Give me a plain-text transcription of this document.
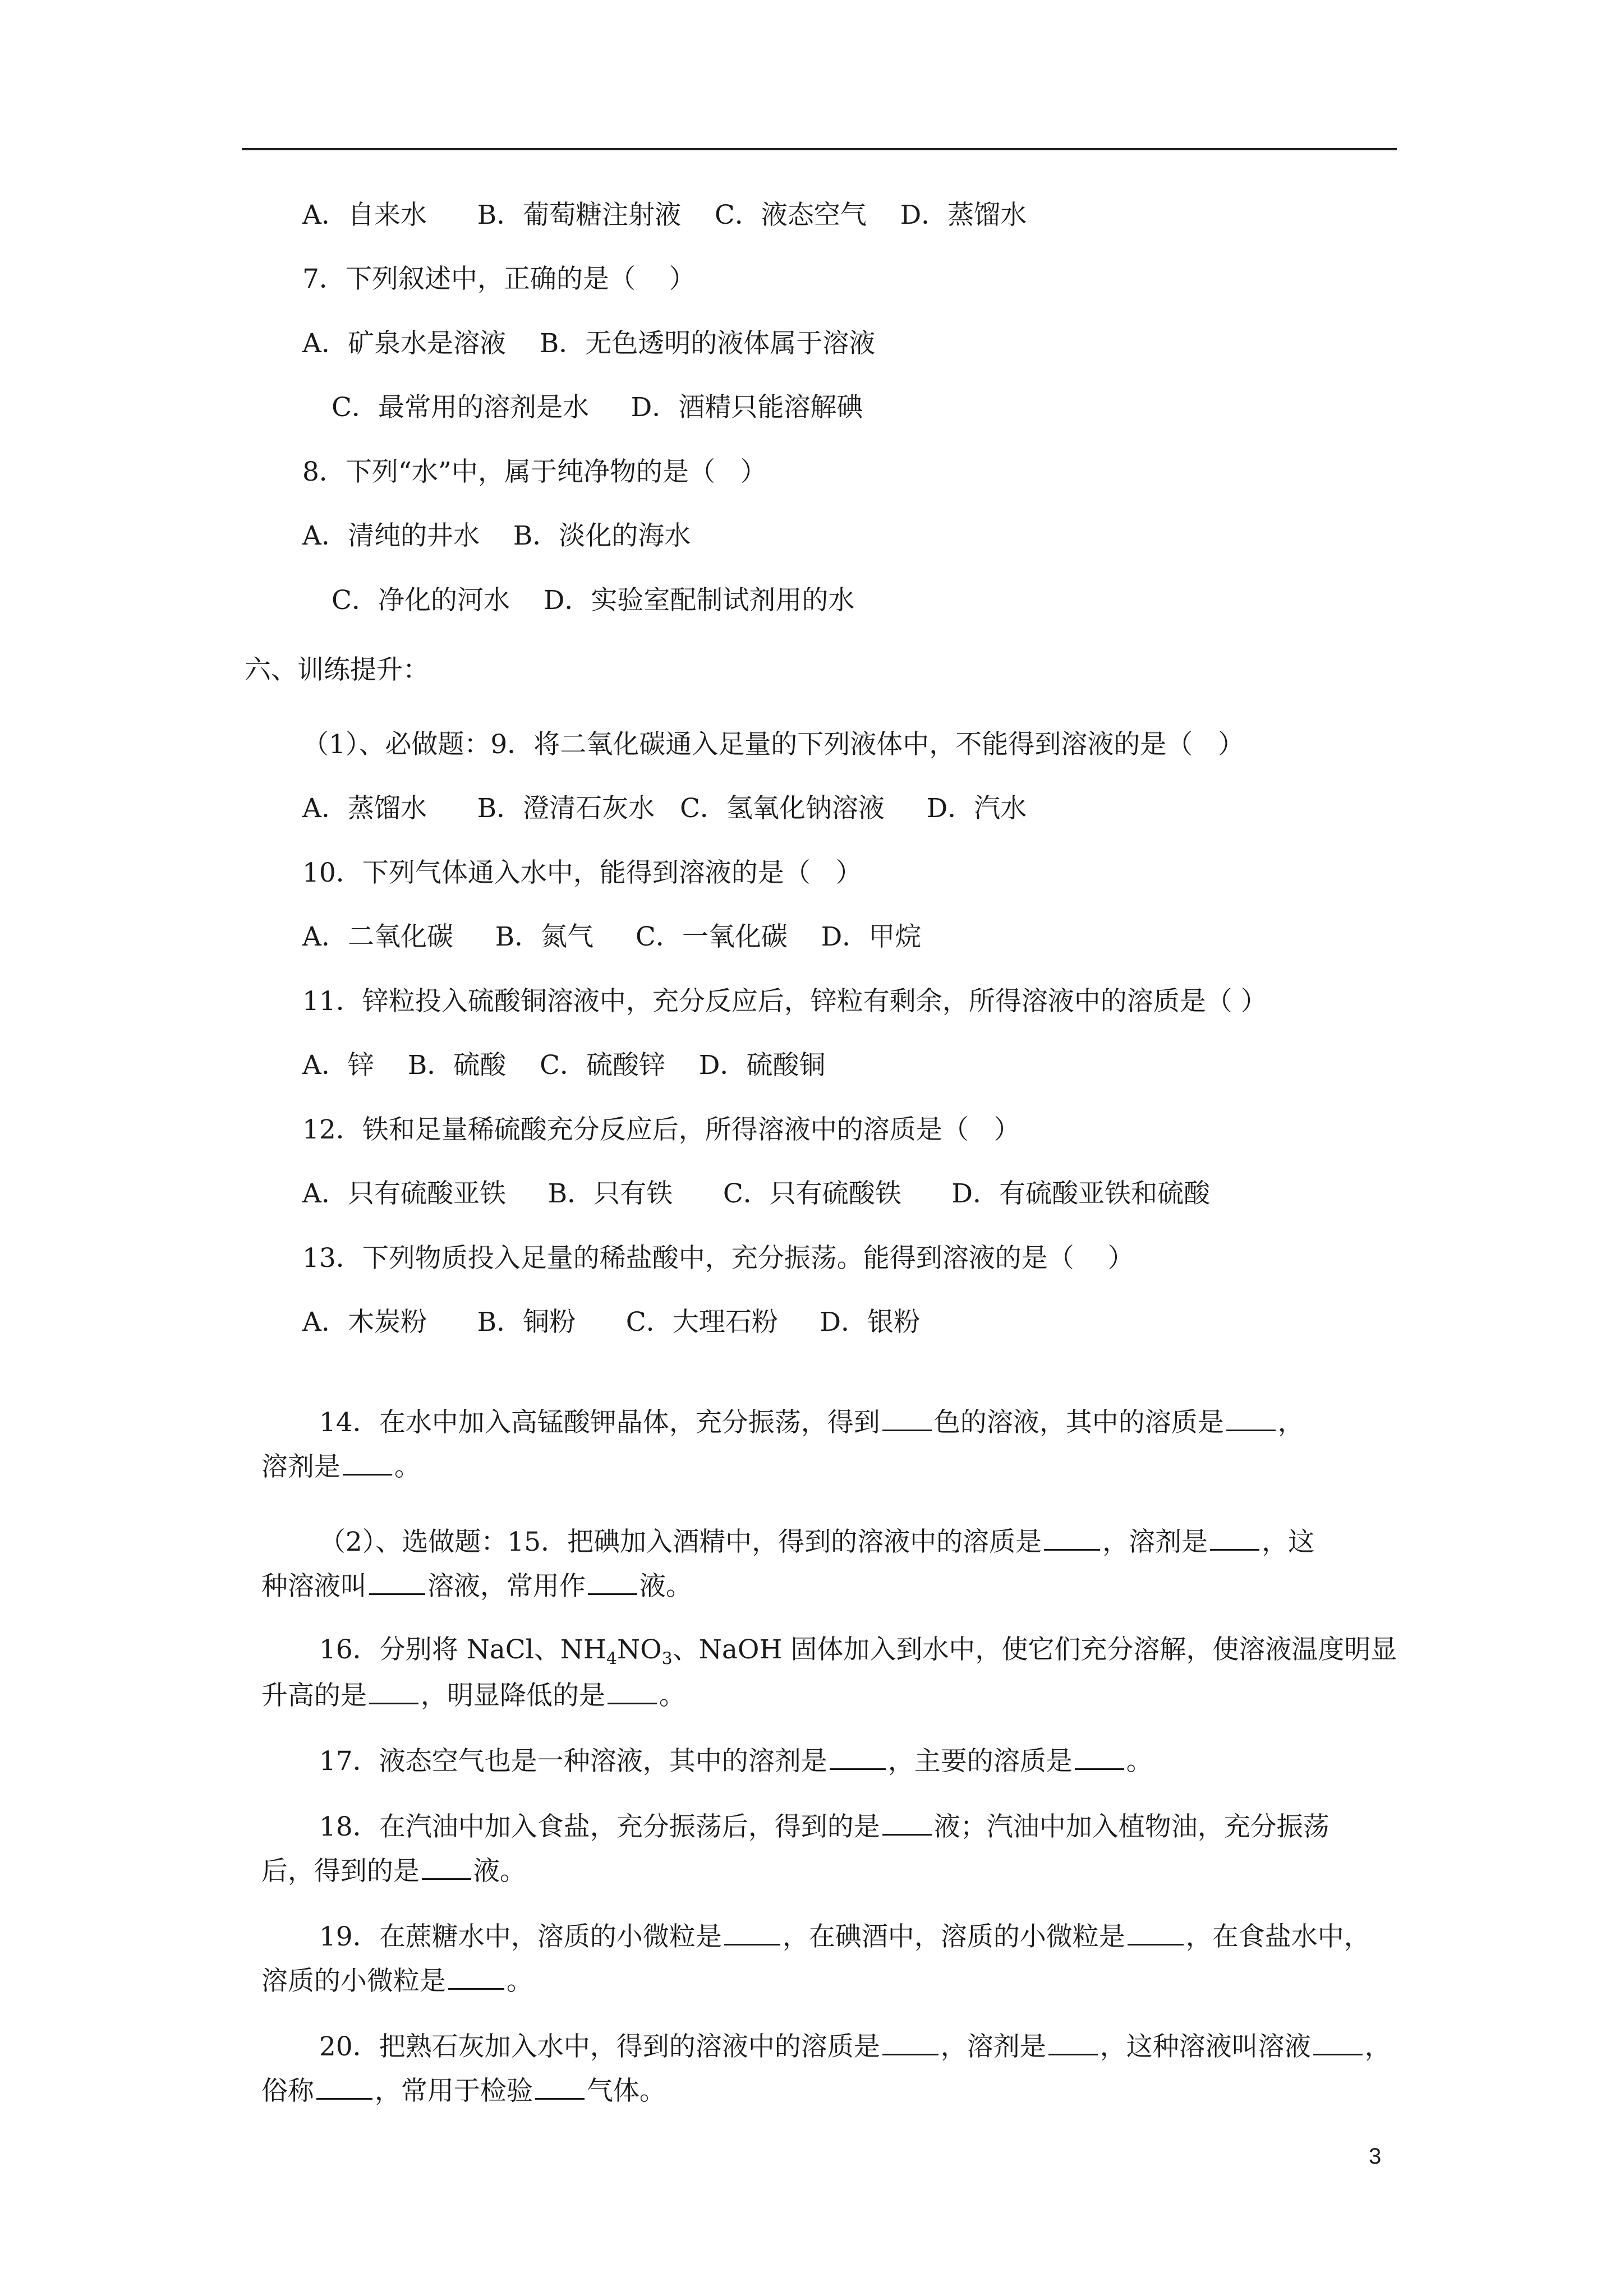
A．自来水      B．葡萄糖注射液    C．液态空气    D．蒸馏水
7．下列叙述中，正确的是（    ）
A．矿泉水是溶液    B．无色透明的液体属于溶液
C．最常用的溶剂是水     D．酒精只能溶解碘
8．下列“水”中，属于纯净物的是（   ）
A．清纯的井水    B．淡化的海水
C．净化的河水    D．实验室配制试剂用的水
六、训练提升：
（1）、必做题：9．将二氧化碳通入足量的下列液体中，不能得到溶液的是（   ）
A．蒸馏水      B．澄清石灰水   C．氢氧化钠溶液     D．汽水
10．下列气体通入水中，能得到溶液的是（   ）
A．二氧化碳     B．氮气     C．一氧化碳    D．甲烷
11．锌粒投入硫酸铜溶液中，充分反应后，锌粒有剩余，所得溶液中的溶质是（ ）
A．锌    B．硫酸    C．硫酸锌    D．硫酸铜
12．铁和足量稀硫酸充分反应后，所得溶液中的溶质是（   ）
A．只有硫酸亚铁     B．只有铁      C．只有硫酸铁      D．有硫酸亚铁和硫酸
13．下列物质投入足量的稀盐酸中，充分振荡。能得到溶液的是（    ）
A．木炭粉      B．铜粉      C．大理石粉     D．银粉

14．在水中加入高锰酸钾晶体，充分振荡，得到 色的溶液，其中的溶质是 ，

溶剂是 。

（2）、选做题：15．把碘加入酒精中，得到的溶液中的溶质是 ，溶剂是 ，这

种溶液叫 溶液，常用作 液。

16．分别将 NaCl、$NH_4NO_3$、NaOH 固体加入到水中，使它们充分溶解，使溶液温度明显

升高的是 ，明显降低的是 。

17．液态空气也是一种溶液，其中的溶剂是 ，主要的溶质是 。

18．在汽油中加入食盐，充分振荡后，得到的是 液；汽油中加入植物油，充分振荡

后，得到的是 液。

19．在蔗糖水中，溶质的小微粒是 ，在碘酒中，溶质的小微粒是 ，在食盐水中，

溶质的小微粒是 。

20．把熟石灰加入水中，得到的溶液中的溶质是 ，溶剂是 ，这种溶液叫溶液 ，

俗称 ，常用于检验 气体。

3
